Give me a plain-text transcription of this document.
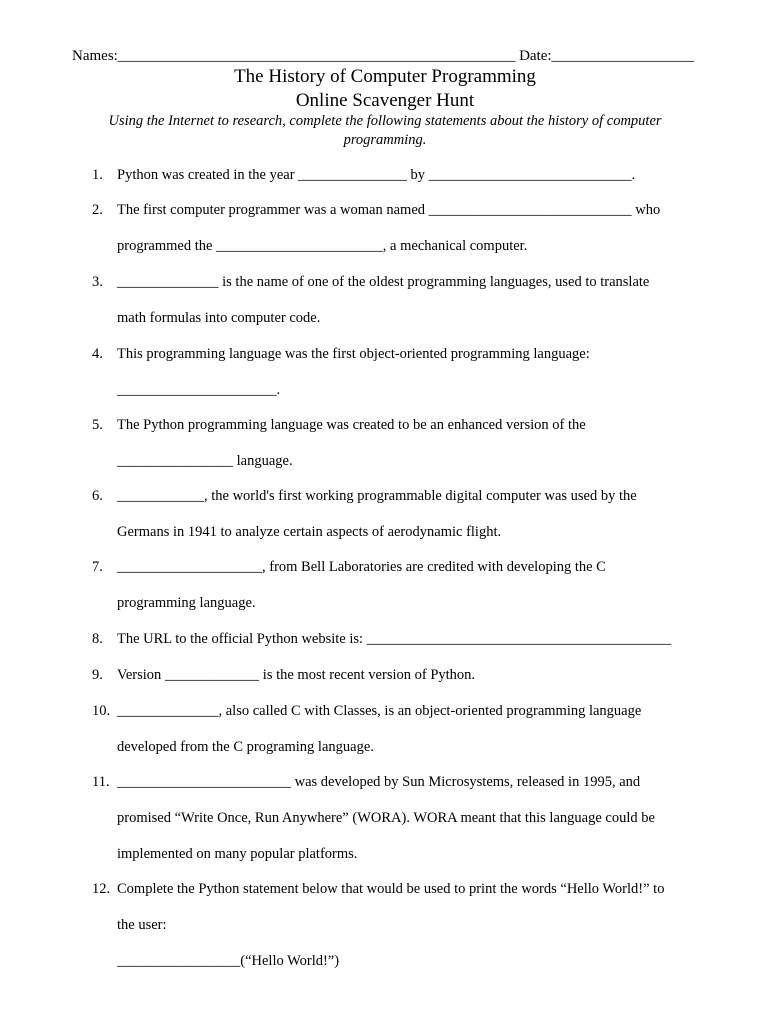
Names:_____________________________________________________ Date:___________________
The History of Computer Programming
Online Scavenger Hunt
Using the Internet to research, complete the following statements about the history of computer programming.
1. Python was created in the year _______________ by ____________________________.
2. The first computer programmer was a woman named ____________________________ who
programmed the _______________________, a mechanical computer.
3. ______________ is the name of one of the oldest programming languages, used to translate
math formulas into computer code.
4. This programming language was the first object-oriented programming language:
______________________.
5. The Python programming language was created to be an enhanced version of the
________________ language.
6. ____________, the world's first working programmable digital computer was used by the
Germans in 1941 to analyze certain aspects of aerodynamic flight.
7. ____________________, from Bell Laboratories are credited with developing the C
programming language.
8. The URL to the official Python website is: __________________________________________
9. Version _____________ is the most recent version of Python.
10. ______________, also called C with Classes, is an object-oriented programming language
developed from the C programing language.
11. ________________________ was developed by Sun Microsystems, released in 1995, and
promised “Write Once, Run Anywhere” (WORA). WORA meant that this language could be
implemented on many popular platforms.
12. Complete the Python statement below that would be used to print the words “Hello World!” to
the user:
_________________(“Hello World!”)
